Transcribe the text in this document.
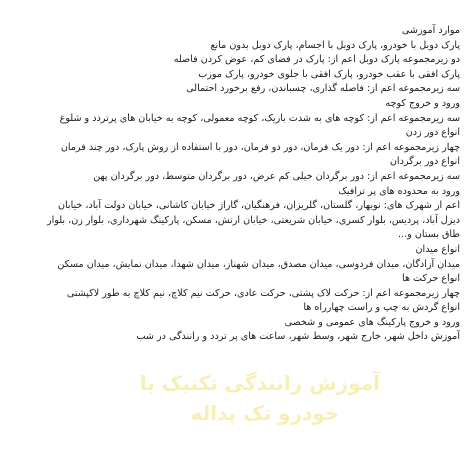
موارد آموزشی
پارک دوبل با خودرو، پارک دوبل با اجسام، پارک دوبل بدون مانع
دو زیرمجموعه پارک دوبل اعم از: پارک در فضای کم، عوض کردن فاصله
پارک افقی با عقب خودرو، پارک افقی با جلوی خودرو، پارک مورب
سه زیرمجموعه اعم از: فاصله گذاری، چسباندن، رفع برخورد احتمالی
ورود و خروج کوچه
سه زیرمجموعه اعم از: کوچه های به شدت باریک، کوچه معمولی، کوچه به خیابان های پرتردد و شلوغ
انواع دور زدن
چهار زیرمجموعه اعم از: دور یک فرمان، دور دو فرمان، دور با استفاده از روش پارک، دور چند فرمان
انواع دور برگردان
سه زیرمجموعه اعم از: دور برگردان خیلی کم عرض، دور برگردان متوسط، دور برگردان پهن
ورود به محدوده های پر ترافیک
اعم از شهرک های: نوبهار، گلستان، گلریزان، فرهنگیان، گاراژ خیابان کاشانی، خیابان دولت آباد، خیابان
دیزل آباد، پردیس، بلوار کسری، خیابان شریعتی، خیابان ارتش، مسکن، پارکینگ شهرداری، بلوار زن، بلوار
طاق بستان و...
انواع میدان
میدان آزادگان، میدان فردوسی، میدان مصدق، میدان شهناز، میدان شهدا، میدان نمایش، میدان مسکن
انواع حرکت ها
چهار زیرمجموعه اعم از: حرکت لاک پشتی، حرکت عادی، حرکت نیم کلاچ، نیم کلاچ به طور لاکپشتی
انواع گردش به چپ و راست چهارراه ها
ورود و خروج پارکینگ های عمومی و شخصی
آموزش داخل شهر، خارج شهر، وسط شهر، ساعت های پر تردد و رانندگی در شب
آموزش رانندگی تکنیک با
خودرو تک پداله
